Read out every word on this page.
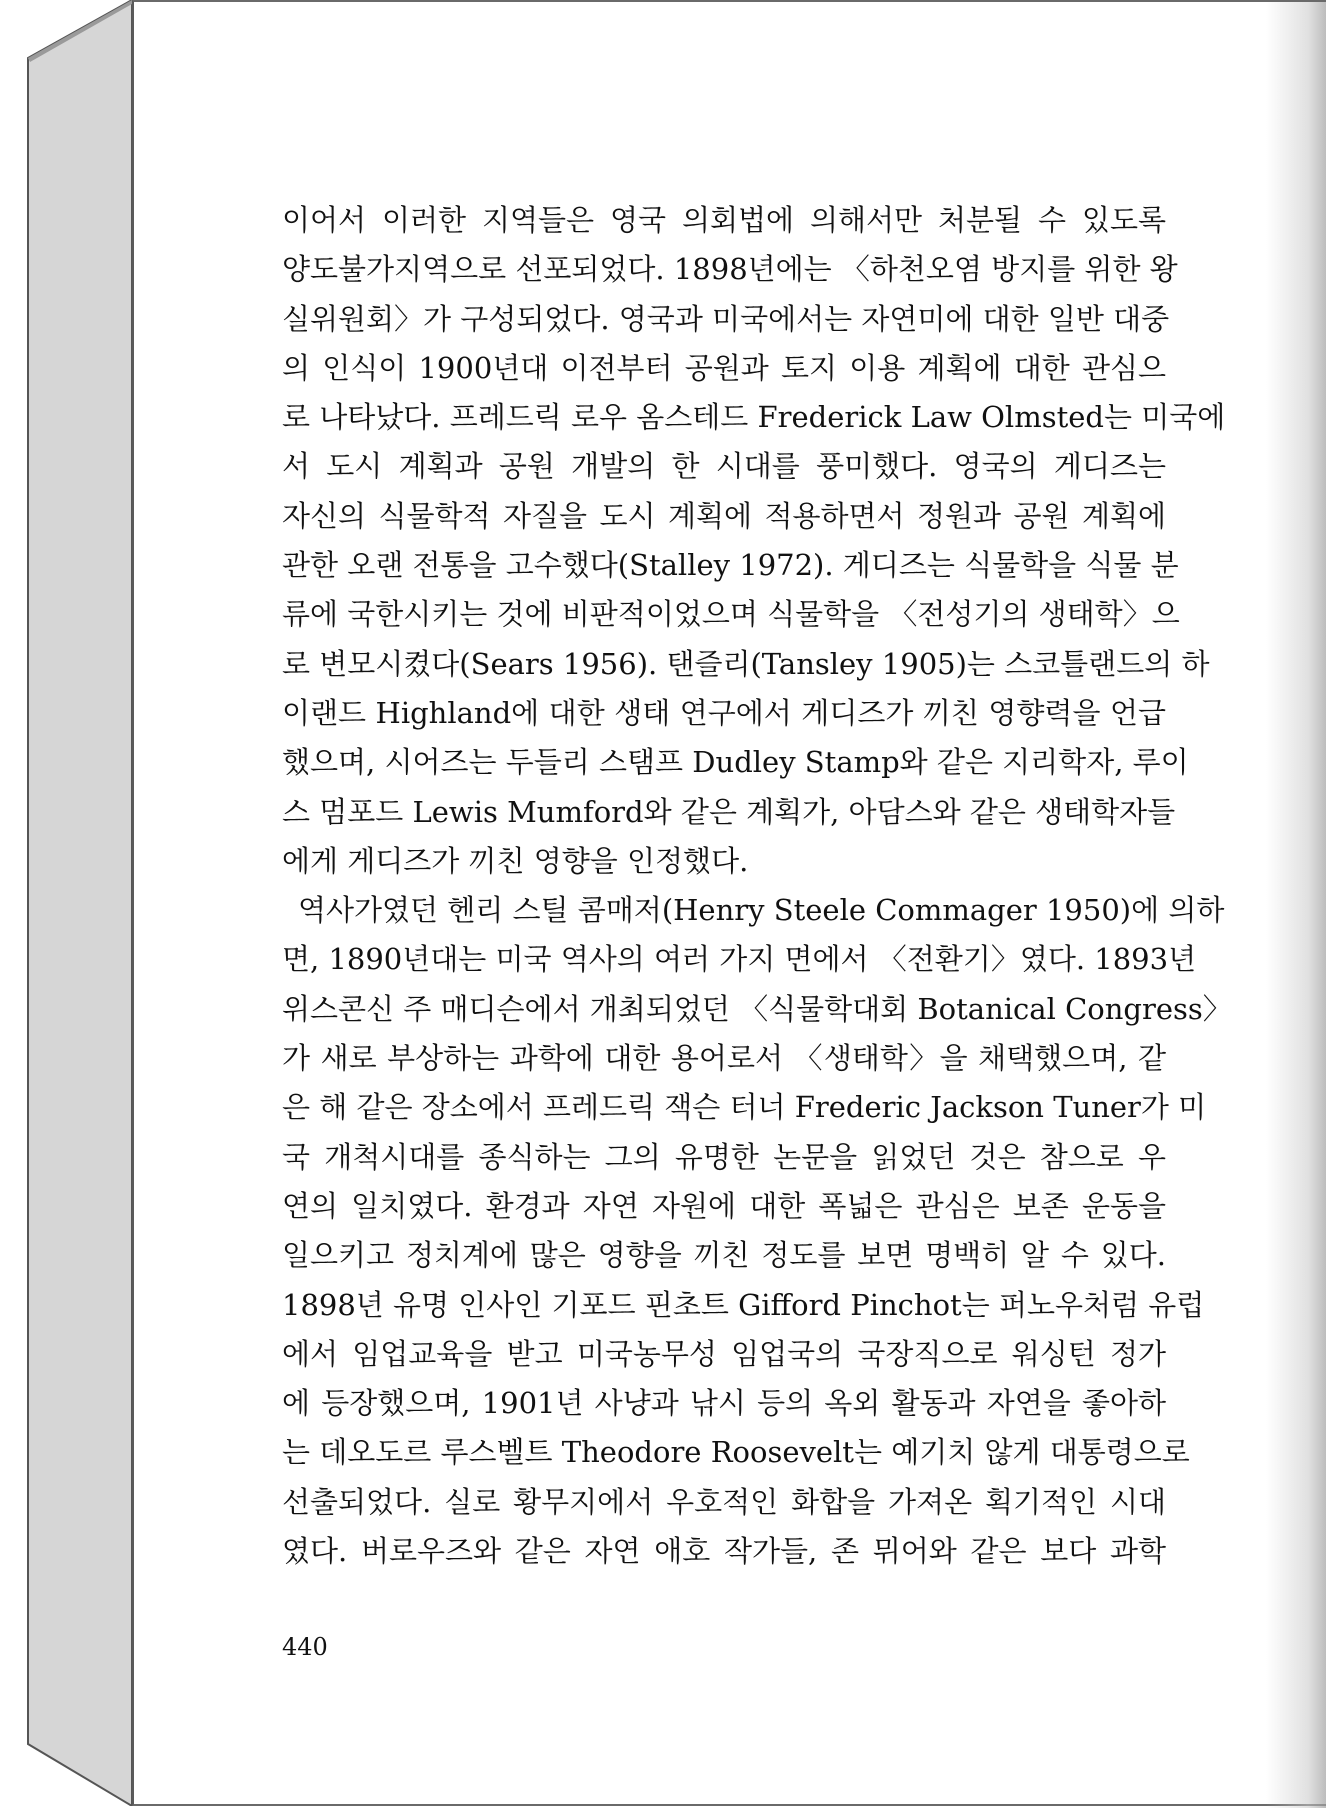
이어서 이러한 지역들은 영국 의회법에 의해서만 처분될 수 있도록
양도불가지역으로 선포되었다. 1898년에는 〈하천오염 방지를 위한 왕
실위원회〉가 구성되었다. 영국과 미국에서는 자연미에 대한 일반 대중
의 인식이 1900년대 이전부터 공원과 토지 이용 계획에 대한 관심으
로 나타났다. 프레드릭 로우 옴스테드 Frederick Law Olmsted는 미국에
서 도시 계획과 공원 개발의 한 시대를 풍미했다. 영국의 게디즈는
자신의 식물학적 자질을 도시 계획에 적용하면서 정원과 공원 계획에
관한 오랜 전통을 고수했다(Stalley 1972). 게디즈는 식물학을 식물 분
류에 국한시키는 것에 비판적이었으며 식물학을 〈전성기의 생태학〉으
로 변모시켰다(Sears 1956). 탠즐리(Tansley 1905)는 스코틀랜드의 하
이랜드 Highland에 대한 생태 연구에서 게디즈가 끼친 영향력을 언급
했으며, 시어즈는 두들리 스탬프 Dudley Stamp와 같은 지리학자, 루이
스 멈포드 Lewis Mumford와 같은 계획가, 아담스와 같은 생태학자들
에게 게디즈가 끼친 영향을 인정했다.
역사가였던 헨리 스틸 콤매저(Henry Steele Commager 1950)에 의하
면, 1890년대는 미국 역사의 여러 가지 면에서 〈전환기〉였다. 1893년
위스콘신 주 매디슨에서 개최되었던 〈식물학대회 Botanical Congress〉
가 새로 부상하는 과학에 대한 용어로서 〈생태학〉을 채택했으며, 같
은 해 같은 장소에서 프레드릭 잭슨 터너 Frederic Jackson Tuner가 미
국 개척시대를 종식하는 그의 유명한 논문을 읽었던 것은 참으로 우
연의 일치였다. 환경과 자연 자원에 대한 폭넓은 관심은 보존 운동을
일으키고 정치계에 많은 영향을 끼친 정도를 보면 명백히 알 수 있다.
1898년 유명 인사인 기포드 핀초트 Gifford Pinchot는 퍼노우처럼 유럽
에서 임업교육을 받고 미국농무성 임업국의 국장직으로 워싱턴 정가
에 등장했으며, 1901년 사냥과 낚시 등의 옥외 활동과 자연을 좋아하
는 데오도르 루스벨트 Theodore Roosevelt는 예기치 않게 대통령으로
선출되었다. 실로 황무지에서 우호적인 화합을 가져온 획기적인 시대
였다. 버로우즈와 같은 자연 애호 작가들, 존 뮈어와 같은 보다 과학
440
